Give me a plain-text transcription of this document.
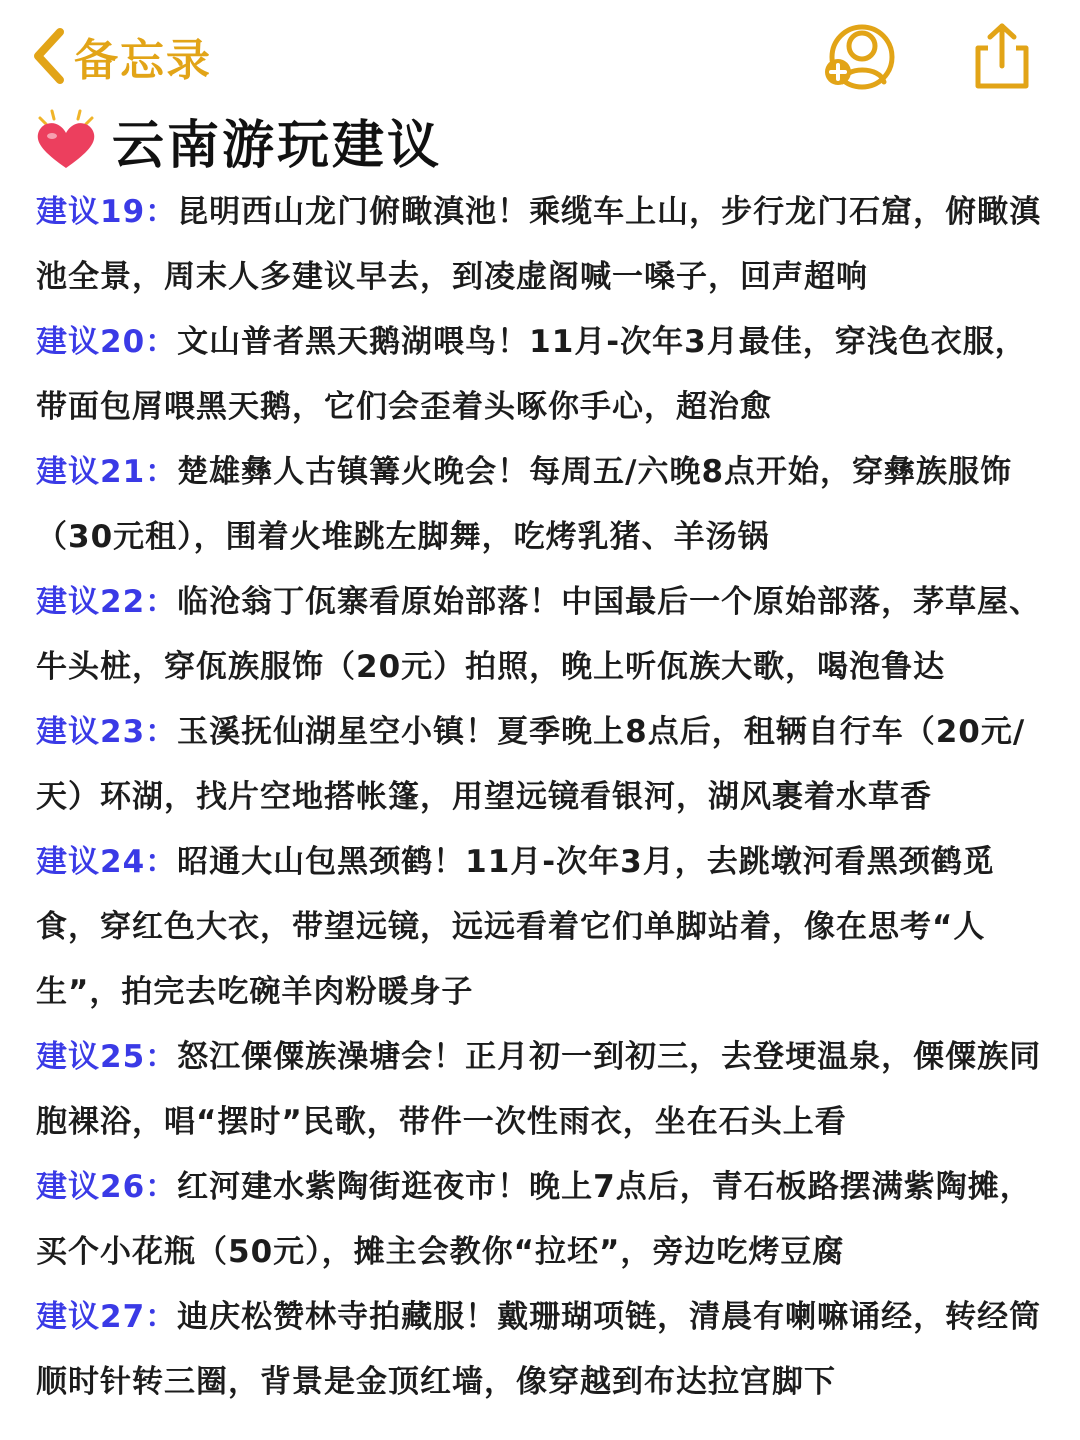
备忘录
云南游玩建议
建议19：昆明西山龙门俯瞰滇池！乘缆车上山，步行龙门石窟，俯瞰滇池全景，周末人多建议早去，到凌虚阁喊一嗓子，回声超响
建议20：文山普者黑天鹅湖喂鸟！11月-次年3月最佳，穿浅色衣服，带面包屑喂黑天鹅，它们会歪着头啄你手心，超治愈
建议21：楚雄彝人古镇篝火晚会！每周五/六晚8点开始，穿彝族服饰（30元租），围着火堆跳左脚舞，吃烤乳猪、羊汤锅
建议22：临沧翁丁佤寨看原始部落！中国最后一个原始部落，茅草屋、牛头桩，穿佤族服饰（20元）拍照，晚上听佤族大歌，喝泡鲁达
建议23：玉溪抚仙湖星空小镇！夏季晚上8点后，租辆自行车（20元/天）环湖，找片空地搭帐篷，用望远镜看银河，湖风裹着水草香
建议24：昭通大山包黑颈鹤！11月-次年3月，去跳墩河看黑颈鹤觅食，穿红色大衣，带望远镜，远远看着它们单脚站着，像在思考“人生”，拍完去吃碗羊肉粉暖身子
建议25：怒江傈僳族澡塘会！正月初一到初三，去登埂温泉，傈僳族同胞裸浴，唱“摆时”民歌，带件一次性雨衣，坐在石头上看
建议26：红河建水紫陶街逛夜市！晚上7点后，青石板路摆满紫陶摊，买个小花瓶（50元），摊主会教你“拉坯”，旁边吃烤豆腐
建议27：迪庆松赞林寺拍藏服！戴珊瑚项链，清晨有喇嘛诵经，转经筒顺时针转三圈，背景是金顶红墙，像穿越到布达拉宫脚下
